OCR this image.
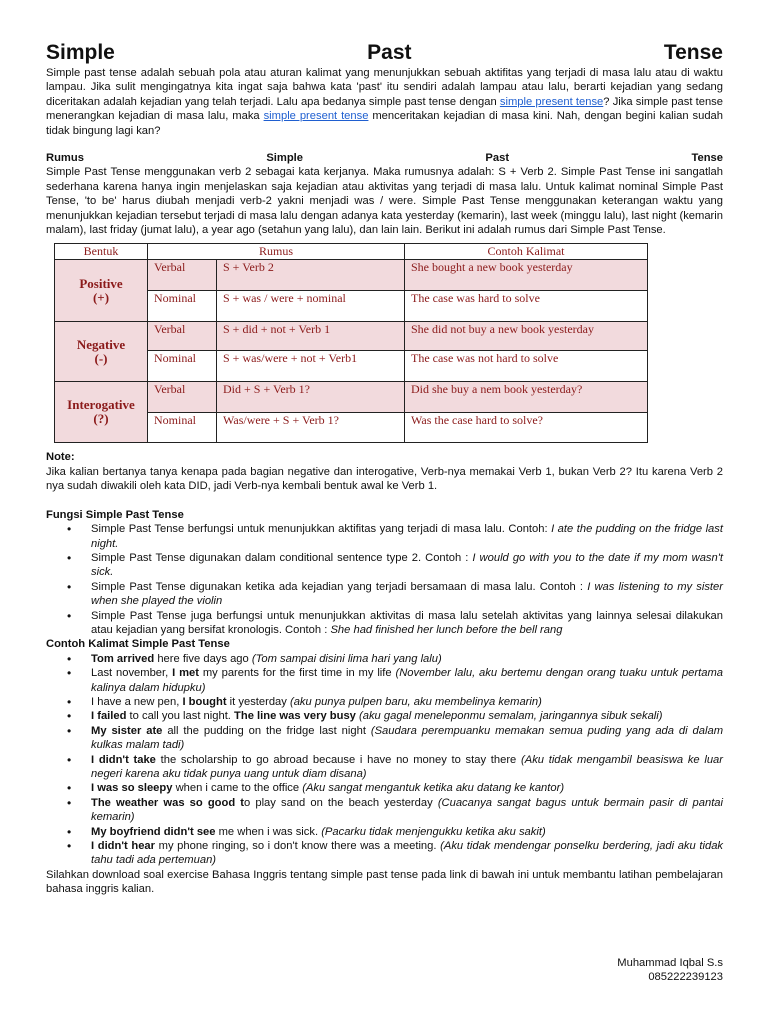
Simple	Past	Tense

Simple past tense adalah sebuah pola atau aturan kalimat yang menunjukkan sebuah aktifitas yang terjadi di masa lalu atau di waktu lampau. Jika sulit mengingatnya kita ingat saja bahwa kata 'past' itu sendiri adalah lampau atau lalu, berarti kejadian yang sedang diceritakan adalah kejadian yang telah terjadi. Lalu apa bedanya simple past tense dengan simple present tense? Jika simple past tense menerangkan kejadian di masa lalu, maka simple present tense menceritakan kejadian di masa kini. Nah, dengan begini kalian sudah tidak bingung lagi kan?

Rumus	Simple	Past	Tense

Simple Past Tense menggunakan verb 2 sebagai kata kerjanya. Maka rumusnya adalah: S + Verb 2. Simple Past Tense ini sangatlah sederhana karena hanya ingin menjelaskan saja kejadian atau aktivitas yang terjadi di masa lalu. Untuk kalimat nominal Simple Past Tense, 'to be' harus diubah menjadi verb-2 yakni menjadi was / were. Simple Past Tense menggunakan keterangan waktu yang menunjukkan kejadian tersebut terjadi di masa lalu dengan adanya kata yesterday (kemarin), last week (minggu lalu), last night (kemarin malam), last friday (jumat lalu), a year ago (setahun yang lalu), dan lain lain. Berikut ini adalah rumus dari Simple Past Tense.

Bentuk	Rumus		Contoh Kalimat

Positive
(+)	Verbal	S + Verb 2	She bought a new book yesterday
	Nominal	S + was / were + nominal	The case was hard to solve

Negative
(-)	Verbal	S + did + not + Verb 1	She did not buy a new book yesterday
	Nominal	S + was/were + not + Verb1	The case was not hard to solve

Interogative
(?)	Verbal	Did + S + Verb 1?	Did she buy a nem book yesterday?
	Nominal	Was/were + S + Verb 1?	Was the case hard to solve?
Note:

Jika kalian bertanya tanya kenapa pada bagian negative dan interogative, Verb-nya memakai Verb 1, bukan Verb 2? Itu karena Verb 2 nya sudah diwakili oleh kata DID, jadi Verb-nya kembali bentuk awal ke Verb 1.

Fungsi Simple Past Tense
• Simple Past Tense berfungsi untuk menunjukkan aktifitas yang terjadi di masa lalu. Contoh: I ate the pudding on the fridge last night.
• Simple Past Tense digunakan dalam conditional sentence type 2. Contoh : I would go with you to the date if my mom wasn't sick.
• Simple Past Tense digunakan ketika ada kejadian yang terjadi bersamaan di masa lalu. Contoh : I was listening to my sister when she played the violin
• Simple Past Tense juga berfungsi untuk menunjukkan aktivitas di masa lalu setelah aktivitas yang lainnya selesai dilakukan atau kejadian yang bersifat kronologis. Contoh : She had finished her lunch before the bell rang
Contoh Kalimat Simple Past Tense
• Tom arrived here five days ago (Tom sampai disini lima hari yang lalu)
• Last november, I met my parents for the first time in my life (November lalu, aku bertemu dengan orang tuaku untuk pertama kalinya dalam hidupku)
• I have a new pen, I bought it yesterday (aku punya pulpen baru, aku membelinya kemarin)
• I failed to call you last night. The line was very busy (aku gagal meneleponmu semalam, jaringannya sibuk sekali)
• My sister ate all the pudding on the fridge last night (Saudara perempuanku memakan semua puding yang ada di dalam kulkas malam tadi)
• I didn't take the scholarship to go abroad because i have no money to stay there (Aku tidak mengambil beasiswa ke luar negeri karena aku tidak punya uang untuk diam disana)
• I was so sleepy when i came to the office (Aku sangat mengantuk ketika aku datang ke kantor)
• The weather was so good to play sand on the beach yesterday (Cuacanya sangat bagus untuk bermain pasir di pantai kemarin)
• My boyfriend didn't see me when i was sick. (Pacarku tidak menjengukku ketika aku sakit)
• I didn't hear my phone ringing, so i don't know there was a meeting. (Aku tidak mendengar ponselku berdering, jadi aku tidak tahu tadi ada pertemuan)

Silahkan download soal exercise Bahasa Inggris tentang simple past tense pada link di bawah ini untuk membantu latihan pembelajaran bahasa inggris kalian.

Muhammad Iqbal S.s
085222239123
